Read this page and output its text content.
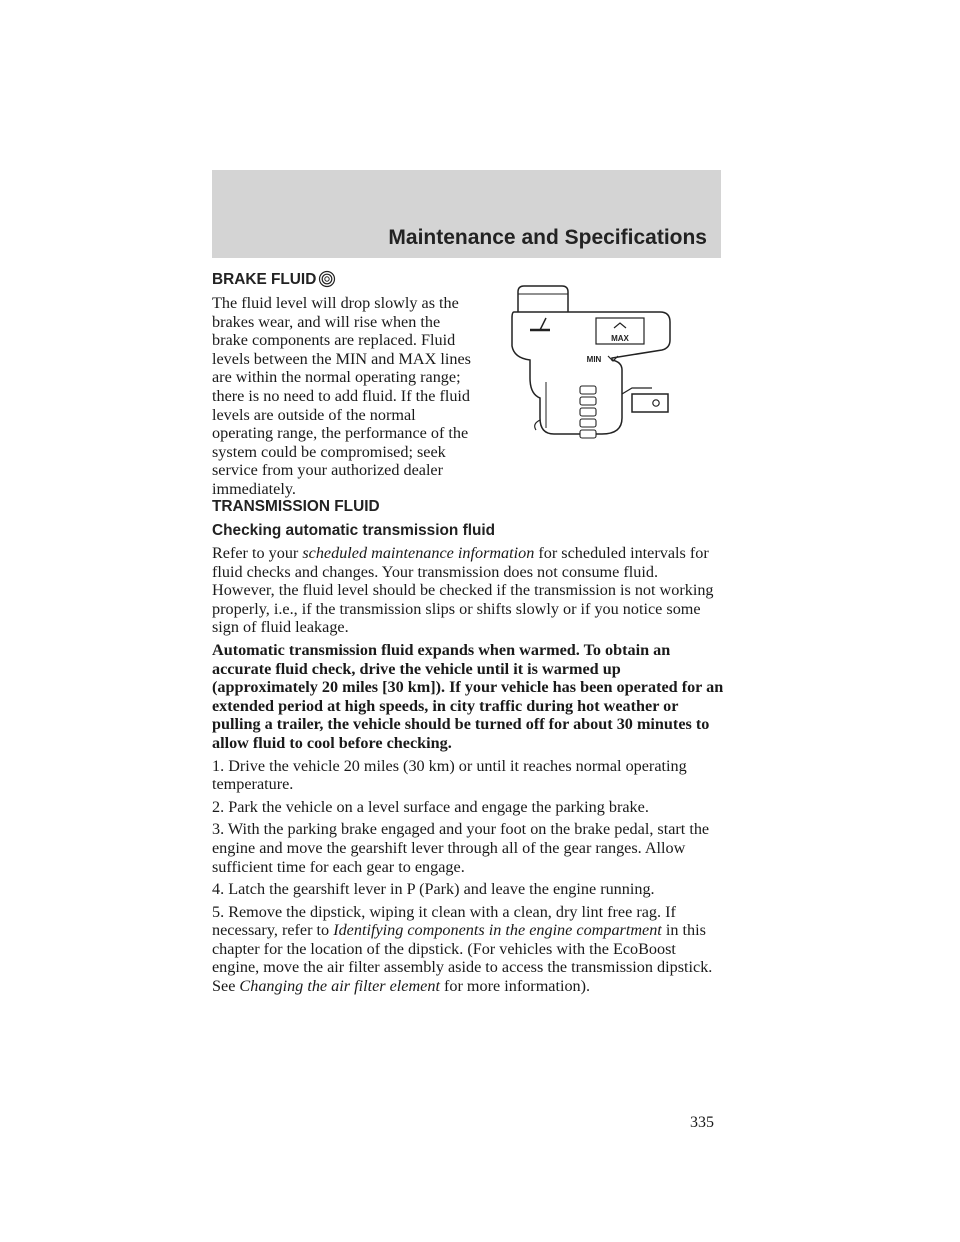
Maintenance and Specifications
BRAKE FLUID

The fluid level will drop slowly as the brakes wear, and will rise when the brake components are replaced. Fluid levels between the MIN and MAX lines are within the normal operating range; there is no need to add fluid. If the fluid levels are outside of the normal operating range, the performance of the system could be compromised; seek service from your authorized dealer immediately.

MAX
MIN
TRANSMISSION FLUID
Checking automatic transmission fluid

Refer to your scheduled maintenance information for scheduled intervals for fluid checks and changes. Your transmission does not consume fluid. However, the fluid level should be checked if the transmission is not working properly, i.e., if the transmission slips or shifts slowly or if you notice some sign of fluid leakage.

Automatic transmission fluid expands when warmed. To obtain an accurate fluid check, drive the vehicle until it is warmed up (approximately 20 miles [30 km]). If your vehicle has been operated for an extended period at high speeds, in city traffic during hot weather or pulling a trailer, the vehicle should be turned off for about 30 minutes to allow fluid to cool before checking.

1. Drive the vehicle 20 miles (30 km) or until it reaches normal operating temperature.

2. Park the vehicle on a level surface and engage the parking brake.

3. With the parking brake engaged and your foot on the brake pedal, start the engine and move the gearshift lever through all of the gear ranges. Allow sufficient time for each gear to engage.

4. Latch the gearshift lever in P (Park) and leave the engine running.

5. Remove the dipstick, wiping it clean with a clean, dry lint free rag. If necessary, refer to Identifying components in the engine compartment in this chapter for the location of the dipstick. (For vehicles with the EcoBoost engine, move the air filter assembly aside to access the transmission dipstick. See Changing the air filter element for more information).

335
